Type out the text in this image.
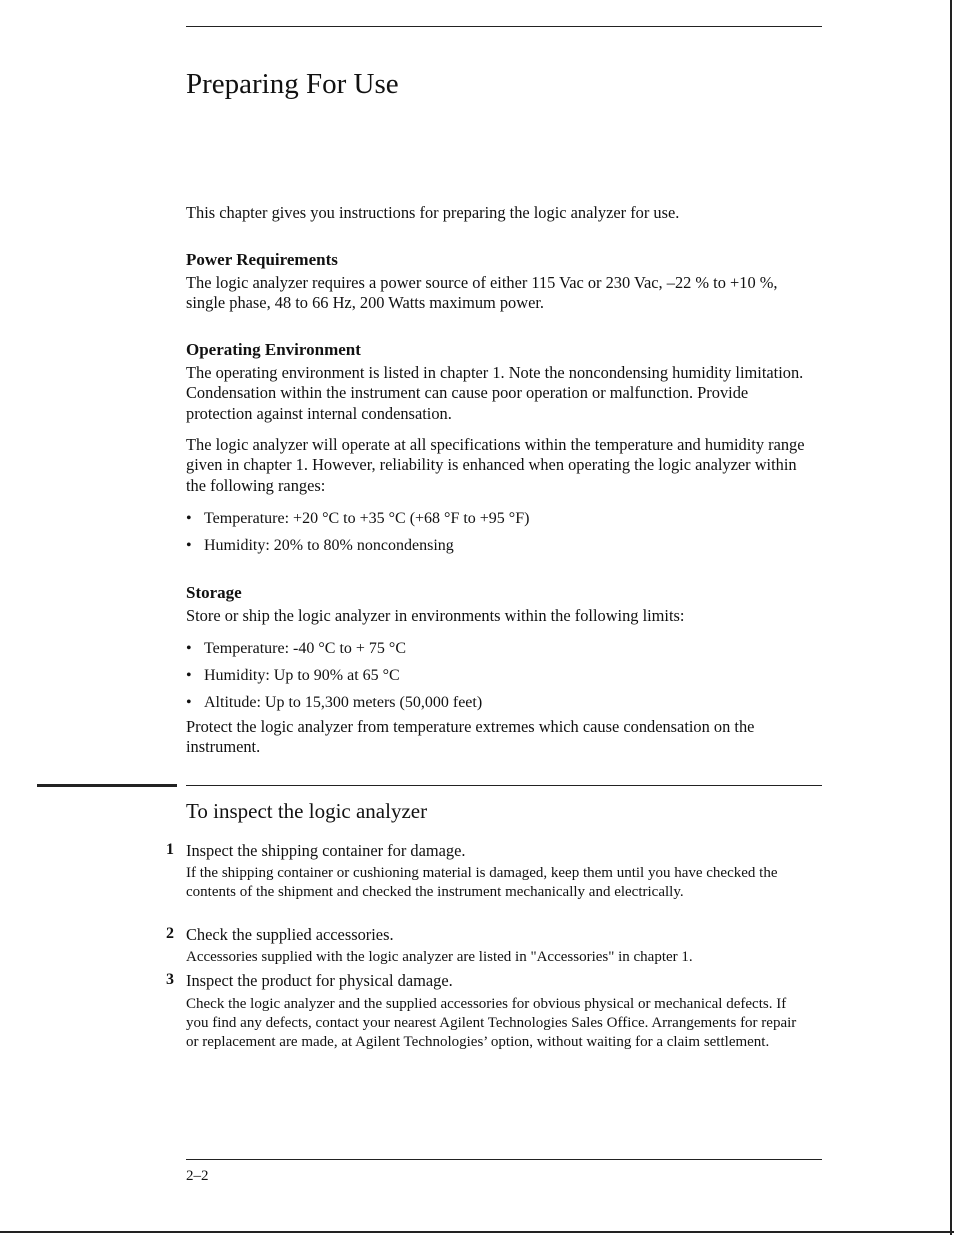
Preparing For Use

This chapter gives you instructions for preparing the logic analyzer for use.

Power Requirements

The logic analyzer requires a power source of either 115 Vac or 230 Vac, –22 % to +10 %, single phase, 48 to 66 Hz, 200 Watts maximum power.

Operating Environment

The operating environment is listed in chapter 1. Note the noncondensing humidity limitation. Condensation within the instrument can cause poor operation or malfunction. Provide protection against internal condensation.

The logic analyzer will operate at all specifications within the temperature and humidity range given in chapter 1. However, reliability is enhanced when operating the logic analyzer within the following ranges:

• Temperature: +20 °C to +35 °C (+68 °F to +95 °F)
• Humidity: 20% to 80% noncondensing
Storage

Store or ship the logic analyzer in environments within the following limits:

• Temperature: -40 °C to + 75 °C
• Humidity: Up to 90% at 65 °C
• Altitude: Up to 15,300 meters (50,000 feet)

Protect the logic analyzer from temperature extremes which cause condensation on the instrument.

To inspect the logic analyzer
1 Inspect the shipping container for damage.

If the shipping container or cushioning material is damaged, keep them until you have checked the contents of the shipment and checked the instrument mechanically and electrically.

2 Check the supplied accessories.

Accessories supplied with the logic analyzer are listed in "Accessories" in chapter 1.

3 Inspect the product for physical damage.

Check the logic analyzer and the supplied accessories for obvious physical or mechanical defects. If you find any defects, contact your nearest Agilent Technologies Sales Office. Arrangements for repair or replacement are made, at Agilent Technologies’ option, without waiting for a claim settlement.

2–2
